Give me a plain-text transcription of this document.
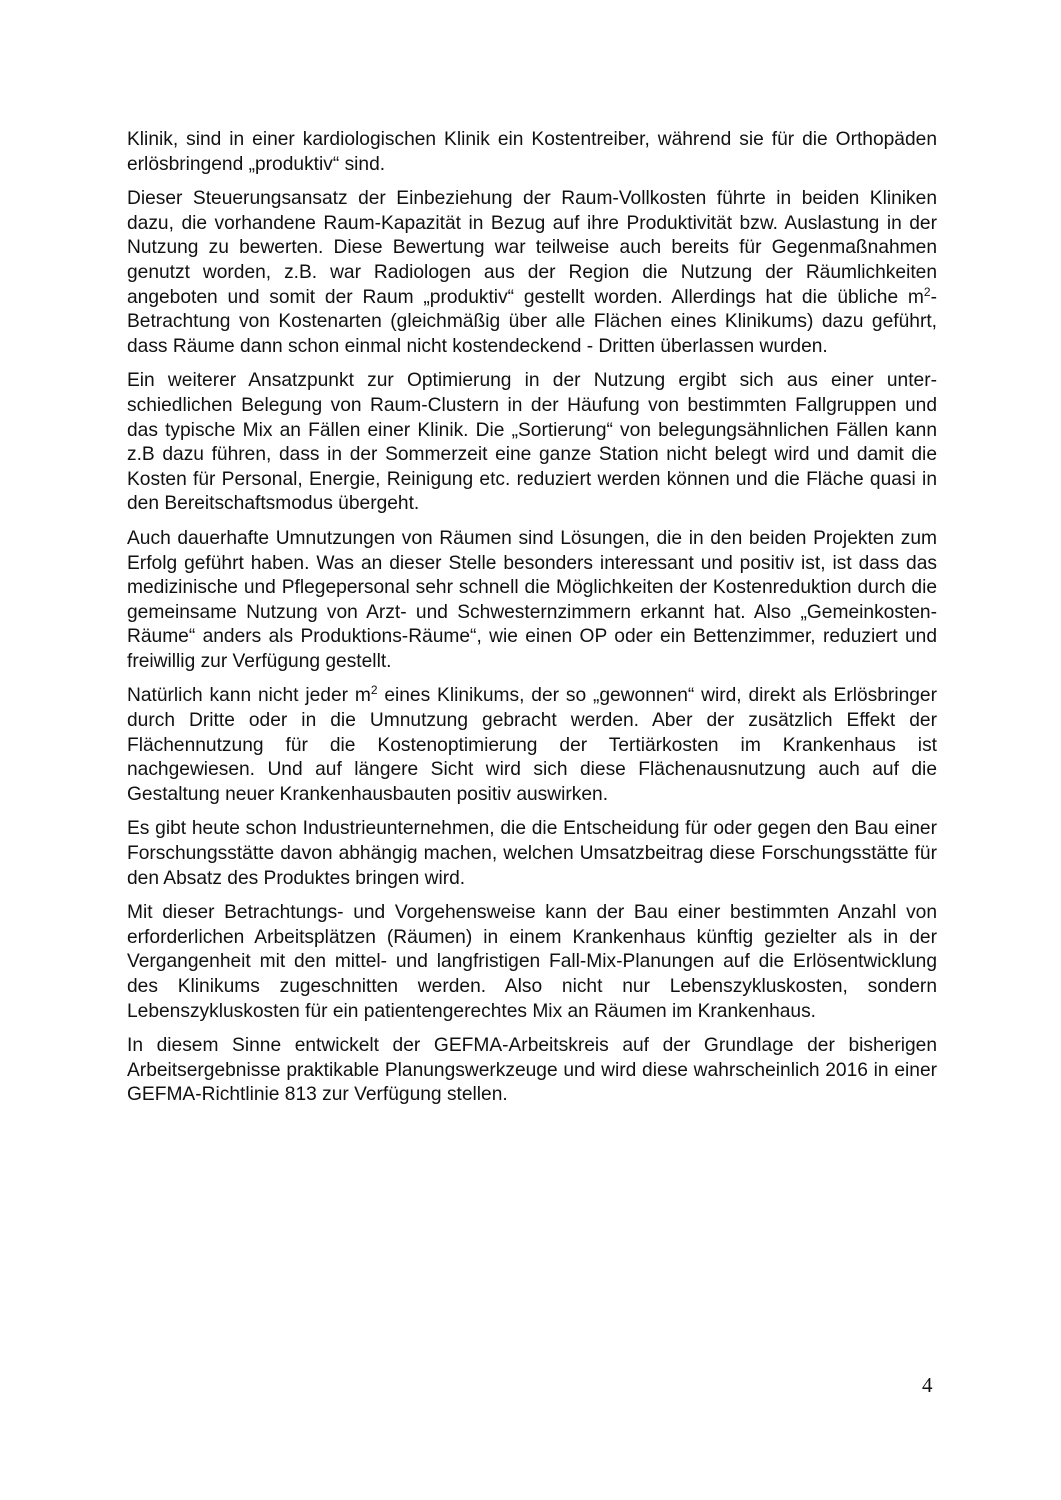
Klinik, sind in einer kardiologischen Klinik ein Kostentreiber, während sie für die Orthopäden erlösbringend „produktiv“ sind.

Dieser Steuerungsansatz der Einbeziehung der Raum-Vollkosten führte in beiden Kliniken dazu, die vorhandene Raum-Kapazität in Bezug auf ihre Produktivität bzw. Auslastung in der Nutzung zu bewerten. Diese Bewertung war teilweise auch bereits für Gegenmaßnahmen genutzt worden, z.B. war Radiologen aus der Region die Nutzung der Räumlichkeiten angeboten und somit der Raum „produktiv“ gestellt worden. Allerdings hat die übliche $m^2$-Betrachtung von Kostenarten (gleichmäßig über alle Flächen eines Klinikums) dazu geführt, dass Räume dann schon einmal nicht kostendeckend - Dritten überlassen wurden.

Ein weiterer Ansatzpunkt zur Optimierung in der Nutzung ergibt sich aus einer unterschiedlichen Belegung von Raum-Clustern in der Häufung von bestimmten Fallgruppen und das typische Mix an Fällen einer Klinik. Die „Sortierung“ von belegungsähnlichen Fällen kann z.B dazu führen, dass in der Sommerzeit eine ganze Station nicht belegt wird und damit die Kosten für Personal, Energie, Reinigung etc. reduziert werden können und die Fläche quasi in den Bereitschaftsmodus übergeht.

Auch dauerhafte Umnutzungen von Räumen sind Lösungen, die in den beiden Projekten zum Erfolg geführt haben. Was an dieser Stelle besonders interessant und positiv ist, ist dass das medizinische und Pflegepersonal sehr schnell die Möglichkeiten der Kostenreduktion durch die gemeinsame Nutzung von Arzt- und Schwesternzimmern erkannt hat. Also „Gemeinkosten-Räume“ anders als Produktions-Räume“, wie einen OP oder ein Bettenzimmer, reduziert und freiwillig zur Verfügung gestellt.

Natürlich kann nicht jeder $m^2$ eines Klinikums, der so „gewonnen“ wird, direkt als Erlösbringer durch Dritte oder in die Umnutzung gebracht werden. Aber der zusätzlich Effekt der Flächennutzung für die Kostenoptimierung der Tertiärkosten im Krankenhaus ist nachgewiesen. Und auf längere Sicht wird sich diese Flächenausnutzung auch auf die Gestaltung neuer Krankenhausbauten positiv auswirken.

Es gibt heute schon Industrieunternehmen, die die Entscheidung für oder gegen den Bau einer Forschungsstätte davon abhängig machen, welchen Umsatzbeitrag diese Forschungsstätte für den Absatz des Produktes bringen wird.

Mit dieser Betrachtungs- und Vorgehensweise kann der Bau einer bestimmten Anzahl von erforderlichen Arbeitsplätzen (Räumen) in einem Krankenhaus künftig gezielter als in der Vergangenheit mit den mittel- und langfristigen Fall-Mix-Planungen auf die Erlösentwicklung des Klinikums zugeschnitten werden. Also nicht nur Lebenszykluskosten, sondern Lebenszykluskosten für ein patientengerechtes Mix an Räumen im Krankenhaus.

In diesem Sinne entwickelt der GEFMA-Arbeitskreis auf der Grundlage der bisherigen Arbeitsergebnisse praktikable Planungswerkzeuge und wird diese wahrscheinlich 2016 in einer GEFMA-Richtlinie 813 zur Verfügung stellen.

4
